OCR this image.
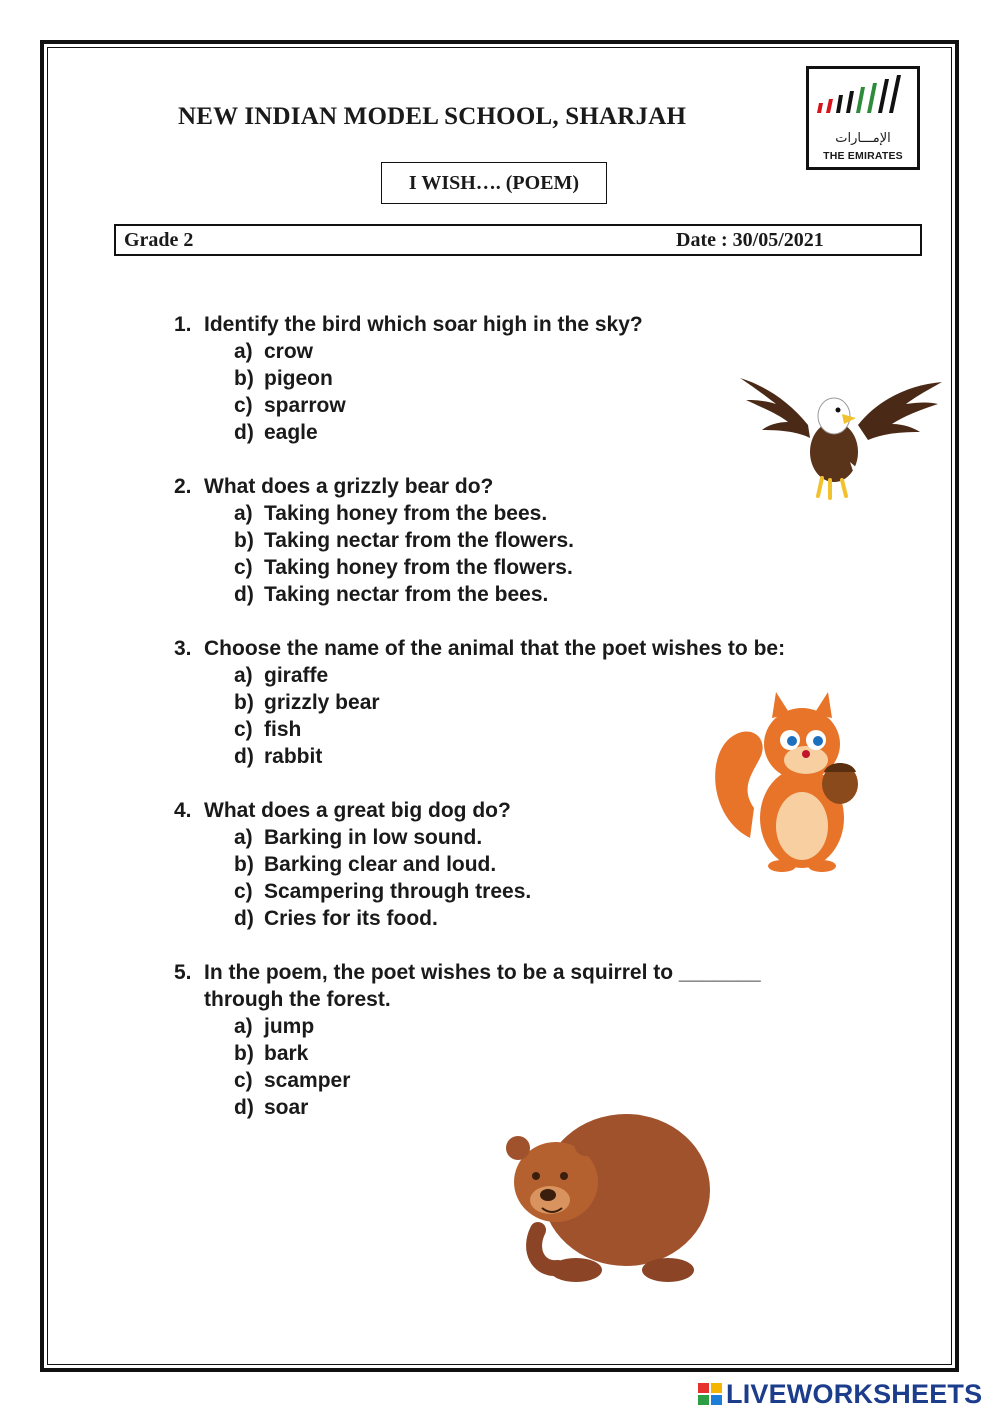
NEW INDIAN MODEL SCHOOL, SHARJAH
I WISH…. (POEM)
Grade 2	Date : 30/05/2021
الإمـــارات
THE EMIRATES
1. Identify the bird which soar high in the sky?
a) crow
b) pigeon
c) sparrow
d) eagle
2. What does a grizzly bear do?
a) Taking honey from the bees.
b) Taking nectar from the flowers.
c) Taking honey from the flowers.
d) Taking nectar from the bees.
3. Choose the name of the animal that the poet wishes to be:
a) giraffe
b) grizzly bear
c) fish
d) rabbit
4. What does a great big dog do?
a) Barking in low sound.
b) Barking clear and loud.
c) Scampering through trees.
d) Cries for its food.
5. In the poem, the poet wishes to be a squirrel to _______
through the forest.
a) jump
b) bark
c) scamper
d) soar
LIVEWORKSHEETS
